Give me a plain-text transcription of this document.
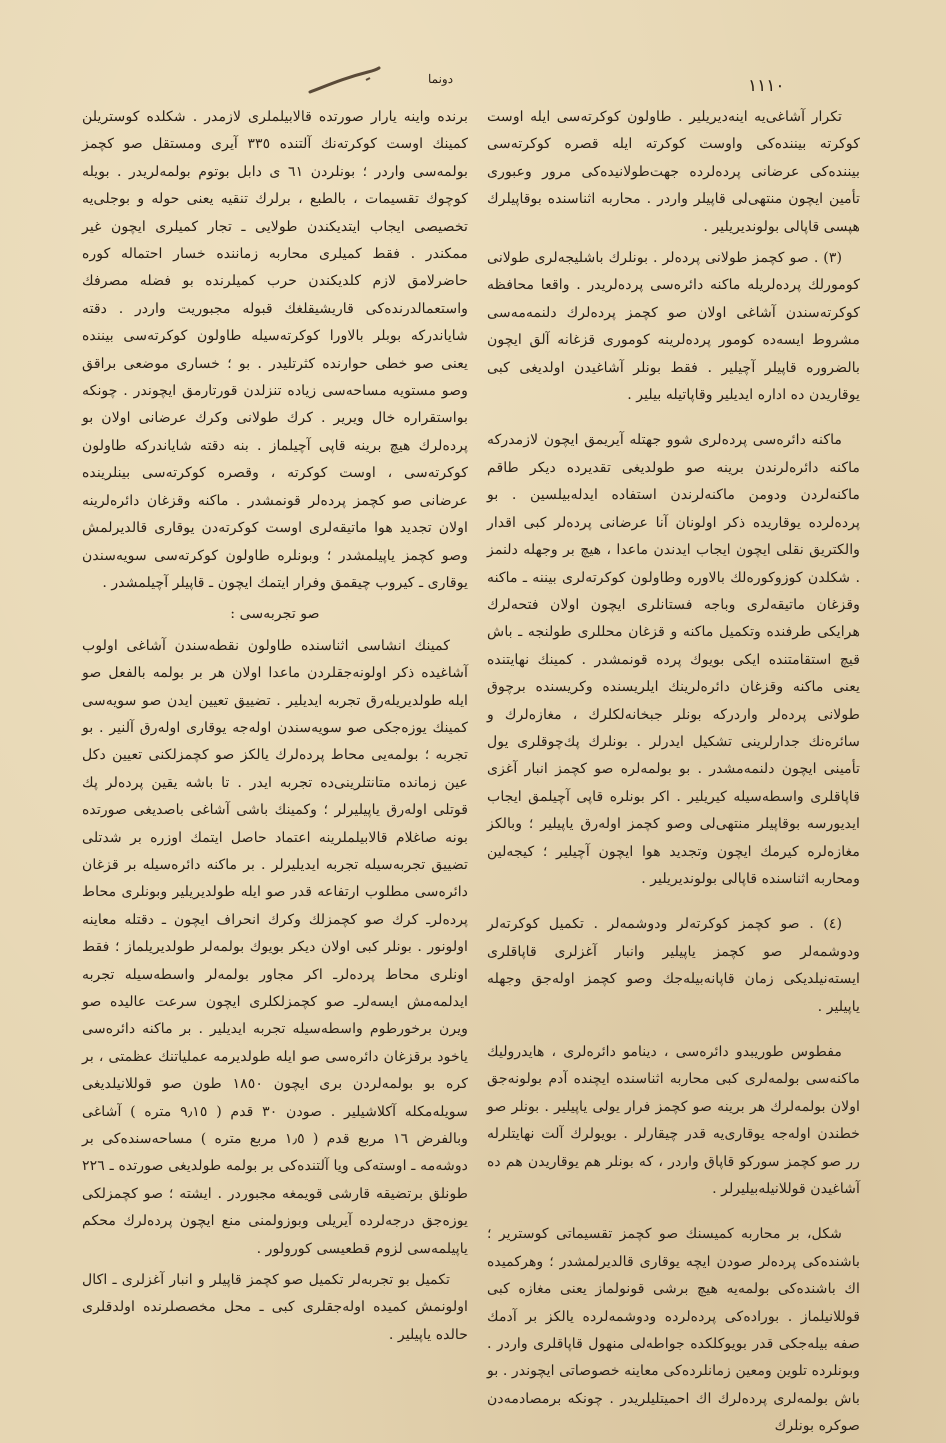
دونما	١١١٠

تكرار آشاغی‌یه اینه‌دیریلیر . طاولون کوکرته‌سی ایله اوست کوکرته بیننده‌کی واوست کوکرته ایله قصره کوکرته‌سی بیننده‌کی عرضانی پرده‌لرده جهت‌طولانیده‌کی مرور وعبوری تأمین ایچون منتهی‌لی قاپیلر واردر . محاربه اثناسنده بوقاپیلرك هپسی قاپالی بولوندیریلیر .

(٣) . صو کچمز طولانی پرده‌لر . بونلرك باشلیجه‌لری طولانی کومورلك پرده‌لریله ماکنه دائره‌سی پرده‌لریدر . واقعا محافظه کوکرته‌سندن آشاغی اولان صو کچمز پرده‌لرك دلنمه‌مه‌سی مشروط ایسه‌ده کومور پرده‌لرینه کوموری قزغانه آلق ایچون بالضروره قاپیلر آچیلیر . فقط بونلر آشاغیدن اولدیغی کبی یوقاریدن ده اداره ایدیلیر وقاپاتیله بیلیر .

ماکنه دائره‌سی پرده‌لری شوو جهتله آیریمق ایچون لازمدرکه ماکنه دائره‌لرندن برینه صو طولدیغی تقدیرده دیکر طاقم ماکنه‌لردن ودومن ماکنه‌لرندن استفاده ایدله‌بیلسین . بو پرده‌لرده یوقاریده ذکر اولونان آنا عرضانی پرده‌لر کبی اقدار والکتریق نقلی ایچون ایجاب ایدندن ماعدا ، هیچ بر وجهله دلنمز . شکلدن کوزوکوره‌لك بالاوره وطاولون کوکرته‌لری بیننه ـ ماکنه وقزغان ماتیقه‌لری وباجه فستانلری ایچون اولان فتحه‌لرك هرایکی طرفنده وتکمیل ماکنه و قزغان محللری طولنجه ـ باش قیچ استقامتنده ایکی بویوك پرده قونمشدر . کمینك نهایتنده یعنی ماکنه وقزغان دائره‌لرینك ایلریسنده وکریسنده برچوق طولانی پرده‌لر واردرکه بونلر جبخانه‌لکلرك ، مغازه‌لرك و سائره‌نك جدارلرینی تشکیل ایدرلر . بونلرك پك‌چوقلری یول تأمینی ایچون دلنمه‌مشدر . بو بولمه‌لره صو کچمز انبار آغزی قاپاقلری واسطه‌سیله کیریلیر . اکر بونلره قاپی آچیلمق ایجاب ایدیورسه بوقاپیلر منتهی‌لی وصو کچمز اوله‌رق یاپیلیر ؛ وبالکز مغازه‌لره کیرمك ایچون وتجدید هوا ایچون آچیلیر ؛ کیجه‌لین ومحاربه اثناسنده قاپالی بولوندیریلیر .

(٤) . صو کچمز کوکرته‌لر ودوشمه‌لر . تکمیل کوکرته‌لر ودوشمه‌لر صو کچمز یاپیلیر وانبار آغزلری قاپاقلری ایسته‌نیلدیکی زمان قاپانه‌بیله‌جك وصو کچمز اوله‌جق وجهله یاپیلیر .

مفطوس طوریبدو دائره‌سی ، دینامو دائره‌لری ، هایدرولیك ماکنه‌سی بولمه‌لری کبی محاربه اثناسنده ایچنده آدم بولونه‌جق اولان بولمه‌لرك هر برینه صو کچمز فرار یولی یاپیلیر . بونلر صو خطندن اوله‌جه یوقاری‌یه قدر چیقارلر . بویولرك آلت نهایتلرله رر صو کچمز سورکو قاپاق واردر ، که بونلر هم یوقاریدن هم ده آشاغیدن قوللانیله‌بیلیرلر .

شکل، بر محاربه کمیسنك صو کچمز تقسیماتی کوستریر ؛ باشنده‌کی پرده‌لر صودن ایچه یوقاری قالدیرلمشدر ؛ وهرکمیده اك باشنده‌کی بولمه‌یه هیچ برشی قونولماز یعنی مغازه کبی قوللانیلماز . بوراده‌کی پرده‌لرده ودوشمه‌لرده یالکز بر آدمك صفه بیله‌جکی قدر بویوکلکده جواطه‌لی منهول قاپاقلری واردر . وبونلرده تلوین ومعین زمانلرده‌کی معاینه خصوصاتی ایچوندر . بو باش بولمه‌لری پرده‌لرك اك احمیتلیلریدر . چونکه برمصادمه‌دن صوکره بونلرك

برنده واینه یارار صورتده قالابیلملری لازمدر . شکلده کوستریلن کمینك اوست کوکرته‌نك آلتنده ٣٣٥ آیری ومستقل صو کچمز بولمه‌سی واردر ؛ بونلردن ٦١ ی دابل بوتوم بولمه‌لریدر . بویله کوچوك تقسیمات ، بالطبع ، برلرك تنقیه یعنی حوله و بوجلی‌یه تخصیصی ایجاب ایتدیکندن طولایی ـ تجار کمیلری ایچون غیر ممکندر . فقط کمیلری محاربه زماننده خسار احتماله کوره حاضرلامق لازم کلدیکندن حرب کمیلرنده بو فضله مصرفك واستعمالدرنده‌کی قاریشیقلغك قبوله مجبوریت واردر . دقته شایاندرکه بوبلر بالاورا کوکرته‌سیله طاولون کوکرته‌سی بیننده یعنی صو خطی حوارنده کثرتلیدر . بو ؛ خساری موضعی براقق وصو مستویه مساحه‌سی زیاده تنزلدن قورتارمق ایچوندر . چونکه بواستقراره خال ویریر . کرك طولانی وکرك عرضانی اولان بو پرده‌لرك هیچ برینه قاپی آچیلماز . بنه دقته شایاندرکه طاولون کوکرته‌سی ، اوست کوکرته ، وقصره کوکرته‌سی بینلرینده عرضانی صو کچمز پرده‌لر قونمشدر . ماکنه وقزغان دائره‌لرینه اولان تجدید هوا ماتیقه‌لری اوست کوکرته‌دن یوقاری قالدیرلمش وصو کچمز یاپیلمشدر ؛ وبونلره طاولون کوکرته‌سی سویه‌سندن یوقاری ـ کیروب چیقمق وفرار ایتمك ایچون ـ قاپیلر آچیلمشدر .

صو تجربه‌سی :

کمینك انشاسی اثناسنده طاولون نقطه‌سندن آشاغی اولوب آشاغیده ذکر اولونه‌جقلردن ماعدا اولان هر بر بولمه بالفعل صو ایله طولدیریله‌رق تجربه ایدیلیر . تضییق تعیین ایدن صو سویه‌سی کمینك یوزه‌جکی صو سویه‌سندن اوله‌جه یوقاری اوله‌رق آلنیر . بو تجربه ؛ بولمه‌یی محاط پرده‌لرك یالکز صو کچمزلکنی تعیین دکل عین زمانده متانتلرینی‌ده تجربه ایدر . تا باشه یقین پرده‌لر پك قوتلی اوله‌رق یاپیلیرلر ؛ وکمینك باشی آشاغی باصدیغی صورتده بونه صاغلام قالابیلملرینه اعتماد حاصل ایتمك اوزره بر شدتلی تضییق تجربه‌سیله تجربه ایدیلیرلر . بر ماکنه دائره‌سیله بر قزغان دائره‌سی مطلوب ارتفاعه قدر صو ایله طولدیریلیر وبونلری محاط پرده‌لرـ کرك صو کچمزلك وکرك انحراف ایچون ـ دقتله معاینه اولونور . بونلر کبی اولان دیکر بویوك بولمه‌لر طولدیریلماز ؛ فقط اونلری محاط پرده‌لرـ اکر مجاور بولمه‌لر واسطه‌سیله تجربه ایدلمه‌مش ایسه‌لرـ صو کچمزلکلری ایچون سرعت عالیده صو ویرن برخورطوم واسطه‌سیله تجربه ایدیلیر . بر ماکنه دائره‌سی یاخود برقزغان دائره‌سی صو ایله طولدیرمه عملیاتنك عظمتی ، بر کره بو بولمه‌لردن بری ایچون ١٨٥٠ طون صو قوللانیلدیغی سویله‌مکله آکلاشیلیر . صودن ٣٠ قدم ( ٩٫١٥ متره ) آشاغی وبالفرض ١٦ مربع قدم ( ١٫٥ مربع متره ) مساحه‌سنده‌کی بر دوشه‌مه ـ اوسته‌کی ویا آلتنده‌کی بر بولمه طولدیغی صورتده ـ ٢٢٦ طونلق برتضیقه قارشی قویمغه مجبوردر . ایشته ؛ صو کچمزلکی یوزه‌جق درجه‌لرده آیریلی وبوزولمنی منع ایچون پرده‌لرك محکم یاپیلمه‌سی لزوم قطعیسی کورولور .

تکمیل بو تجربه‌لر تکمیل صو کچمز قاپیلر و انبار آغزلری ـ اکال اولونمش کمیده اوله‌جقلری کبی ـ محل مخصصلرنده اولدقلری حالده یاپیلیر .
